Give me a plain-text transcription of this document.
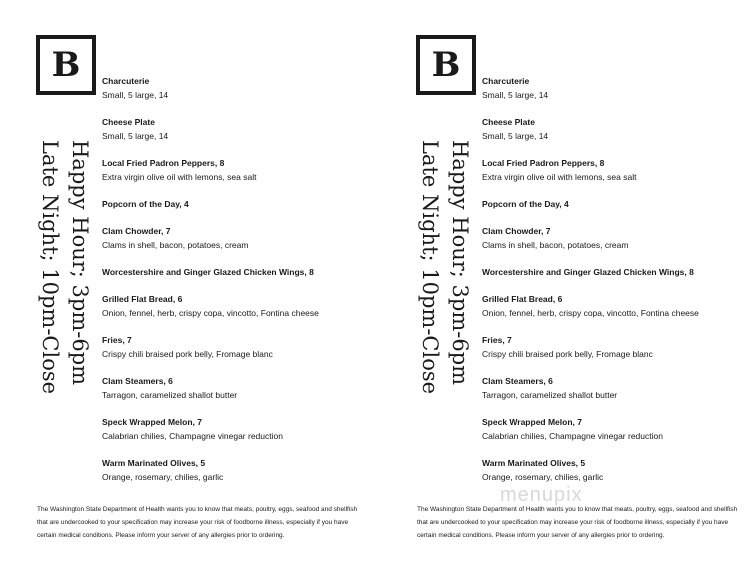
B
Happy Hour; 3pm-6pm
Late Night; 10pm-Close
Charcuterie
Small, 5 large, 14
Cheese Plate
Small, 5 large, 14
Local Fried Padron Peppers, 8
Extra virgin olive oil with lemons, sea salt
Popcorn of the Day, 4
Clam Chowder, 7
Clams in shell, bacon, potatoes, cream
Worcestershire and Ginger Glazed Chicken Wings, 8
Grilled Flat Bread, 6
Onion, fennel, herb, crispy copa, vincotto, Fontina cheese
Fries, 7
Crispy chili braised pork belly, Fromage blanc
Clam Steamers, 6
Tarragon, caramelized shallot butter
Speck Wrapped Melon, 7
Calabrian chilies, Champagne vinegar reduction
Warm Marinated Olives, 5
Orange, rosemary, chilies, garlic
The Washington State Department of Health wants you to know that meats, poultry, eggs, seafood and shellfish that are undercooked to your specification may increase your risk of foodborne illness, especially if you have certain medical conditions. Please inform your server of any allergies prior to ordering.
B
Happy Hour; 3pm-6pm
Late Night; 10pm-Close
Charcuterie
Small, 5 large, 14
Cheese Plate
Small, 5 large, 14
Local Fried Padron Peppers, 8
Extra virgin olive oil with lemons, sea salt
Popcorn of the Day, 4
Clam Chowder, 7
Clams in shell, bacon, potatoes, cream
Worcestershire and Ginger Glazed Chicken Wings, 8
Grilled Flat Bread, 6
Onion, fennel, herb, crispy copa, vincotto, Fontina cheese
Fries, 7
Crispy chili braised pork belly, Fromage blanc
Clam Steamers, 6
Tarragon, caramelized shallot butter
Speck Wrapped Melon, 7
Calabrian chilies, Champagne vinegar reduction
Warm Marinated Olives, 5
Orange, rosemary, chilies, garlic
The Washington State Department of Health wants you to know that meats, poultry, eggs, seafood and shellfish that are undercooked to your specification may increase your risk of foodborne illness, especially if you have certain medical conditions. Please inform your server of any allergies prior to ordering.
menupix
